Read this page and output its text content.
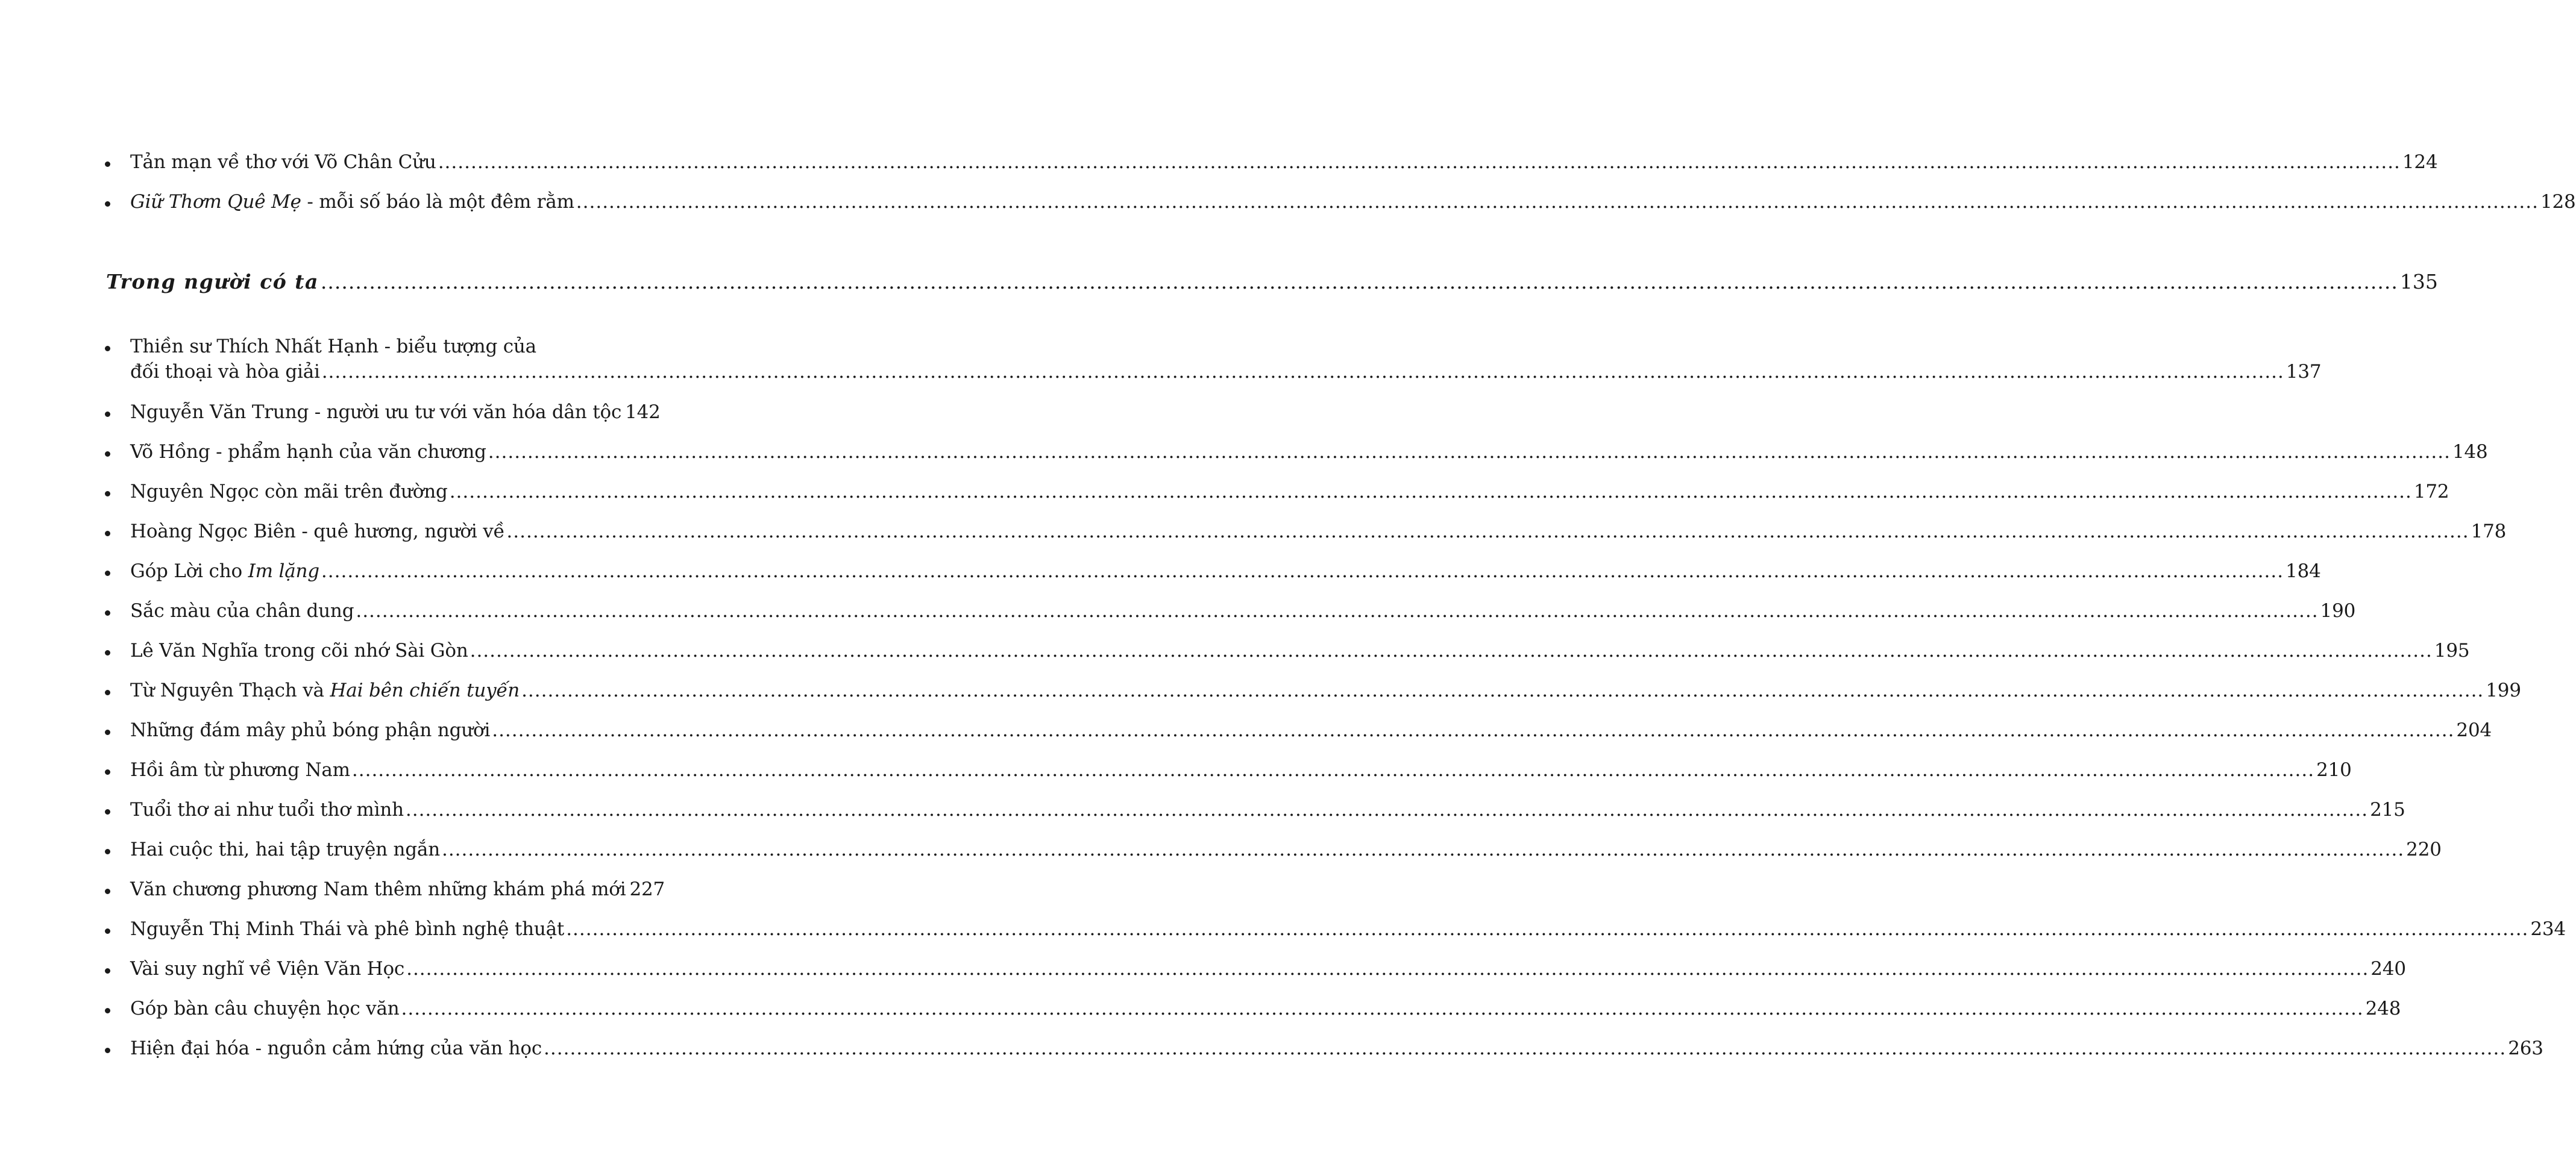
Tản mạn về thơ với Võ Chân Cửu ............................................................................................................................................................................................................................................................................................................ 124
Giữ Thơm Quê Mẹ - mỗi số báo là một đêm rằm ............................................................................................................................................................................................................................................................................................................ 128
Trong người có ta ............................................................................................................................................................................................................................................................................................................ 135
Thiền sư Thích Nhất Hạnh - biểu tượng của
đối thoại và hòa giải ............................................................................................................................................................................................................................................................................................................ 137
Nguyễn Văn Trung - người ưu tư với văn hóa dân tộc 142
Võ Hồng - phẩm hạnh của văn chương ............................................................................................................................................................................................................................................................................................................ 148
Nguyên Ngọc còn mãi trên đường ............................................................................................................................................................................................................................................................................................................ 172
Hoàng Ngọc Biên - quê hương, người về ............................................................................................................................................................................................................................................................................................................ 178
Góp Lời cho Im lặng ............................................................................................................................................................................................................................................................................................................ 184
Sắc màu của chân dung ............................................................................................................................................................................................................................................................................................................ 190
Lê Văn Nghĩa trong cõi nhớ Sài Gòn ............................................................................................................................................................................................................................................................................................................ 195
Từ Nguyên Thạch và Hai bên chiến tuyến ............................................................................................................................................................................................................................................................................................................ 199
Những đám mây phủ bóng phận người ............................................................................................................................................................................................................................................................................................................ 204
Hồi âm từ phương Nam ............................................................................................................................................................................................................................................................................................................ 210
Tuổi thơ ai như tuổi thơ mình ............................................................................................................................................................................................................................................................................................................ 215
Hai cuộc thi, hai tập truyện ngắn ............................................................................................................................................................................................................................................................................................................ 220
Văn chương phương Nam thêm những khám phá mới 227
Nguyễn Thị Minh Thái và phê bình nghệ thuật ............................................................................................................................................................................................................................................................................................................ 234
Vài suy nghĩ về Viện Văn Học ............................................................................................................................................................................................................................................................................................................ 240
Góp bàn câu chuyện học văn ............................................................................................................................................................................................................................................................................................................ 248
Hiện đại hóa - nguồn cảm hứng của văn học ............................................................................................................................................................................................................................................................................................................ 263
